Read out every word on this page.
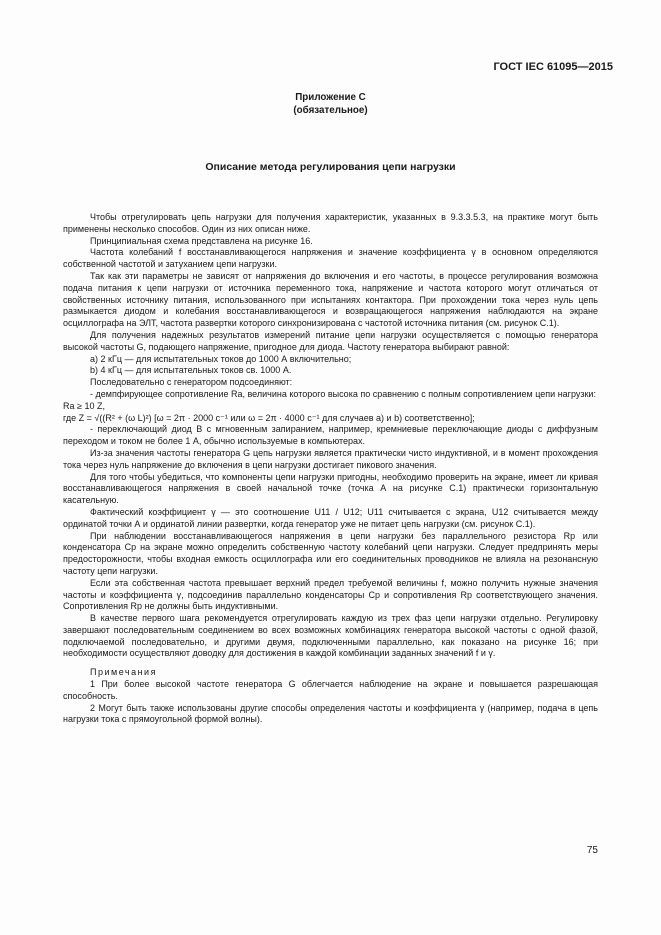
ГОСТ IEC 61095—2015
Приложение С
(обязательное)
Описание метода регулирования цепи нагрузки

Чтобы отрегулировать цепь нагрузки для получения характеристик, указанных в 9.3.3.5.3, на практике могут быть применены несколько способов. Один из них описан ниже.

Принципиальная схема представлена на рисунке 16.

Частота колебаний f восстанавливающегося напряжения и значение коэффициента γ в основном определяются собственной частотой и затуханием цепи нагрузки.

Так как эти параметры не зависят от напряжения до включения и его частоты, в процессе регулирования возможна подача питания к цепи нагрузки от источника переменного тока, напряжение и частота которого могут отличаться от свойственных источнику питания, использованного при испытаниях контактора. При прохождении тока через нуль цепь размыкается диодом и колебания восстанавливающегося и возвращающегося напряжения наблюдаются на экране осциллографа на ЭЛТ, частота развертки которого синхронизирована с частотой источника питания (см. рисунок С.1).

Для получения надежных результатов измерений питание цепи нагрузки осуществляется с помощью генератора высокой частоты G, подающего напряжение, пригодное для диода. Частоту генератора выбирают равной:

a) 2 кГц — для испытательных токов до 1000 А включительно;

b) 4 кГц — для испытательных токов св. 1000 А.

Последовательно с генератором подсоединяют:

- демпфирующее сопротивление Ra, величина которого высока по сравнению с полным сопротивлением цепи нагрузки:

Ra ≥ 10 Z,

где Z = √((R² + (ω L)²) [ω = 2π · 2000 с⁻¹ или ω = 2π · 4000 с⁻¹ для случаев a) и b) соответственно];

- переключающий диод В с мгновенным запиранием, например, кремниевые переключающие диоды с диффузным переходом и током не более 1 А, обычно используемые в компьютерах.

Из-за значения частоты генератора G цепь нагрузки является практически чисто индуктивной, и в момент прохождения тока через нуль напряжение до включения в цепи нагрузки достигает пикового значения.

Для того чтобы убедиться, что компоненты цепи нагрузки пригодны, необходимо проверить на экране, имеет ли кривая восстанавливающегося напряжения в своей начальной точке (точка А на рисунке С.1) практически горизонтальную касательную.

Фактический коэффициент γ — это соотношение U11 / U12; U11 считывается с экрана, U12 считывается между ординатой точки А и ординатой линии развертки, когда генератор уже не питает цепь нагрузки (см. рисунок С.1).

При наблюдении восстанавливающегося напряжения в цепи нагрузки без параллельного резистора Rp или конденсатора Cp на экране можно определить собственную частоту колебаний цепи нагрузки. Следует предпринять меры предосторожности, чтобы входная емкость осциллографа или его соединительных проводников не влияла на резонансную частоту цепи нагрузки.

Если эта собственная частота превышает верхний предел требуемой величины f, можно получить нужные значения частоты и коэффициента γ, подсоединив параллельно конденсаторы Cp и сопротивления Rp соответствующего значения. Сопротивления Rp не должны быть индуктивными.

В качестве первого шага рекомендуется отрегулировать каждую из трех фаз цепи нагрузки отдельно. Регулировку завершают последовательным соединением во всех возможных комбинациях генератора высокой частоты с одной фазой, подключаемой последовательно, и другими двумя, подключенными параллельно, как показано на рисунке 16; при необходимости осуществляют доводку для достижения в каждой комбинации заданных значений f и γ.

Примечания

1 При более высокой частоте генератора G облегчается наблюдение на экране и повышается разрешающая способность.

2 Могут быть также использованы другие способы определения частоты и коэффициента γ (например, подача в цепь нагрузки тока с прямоугольной формой волны).

75
